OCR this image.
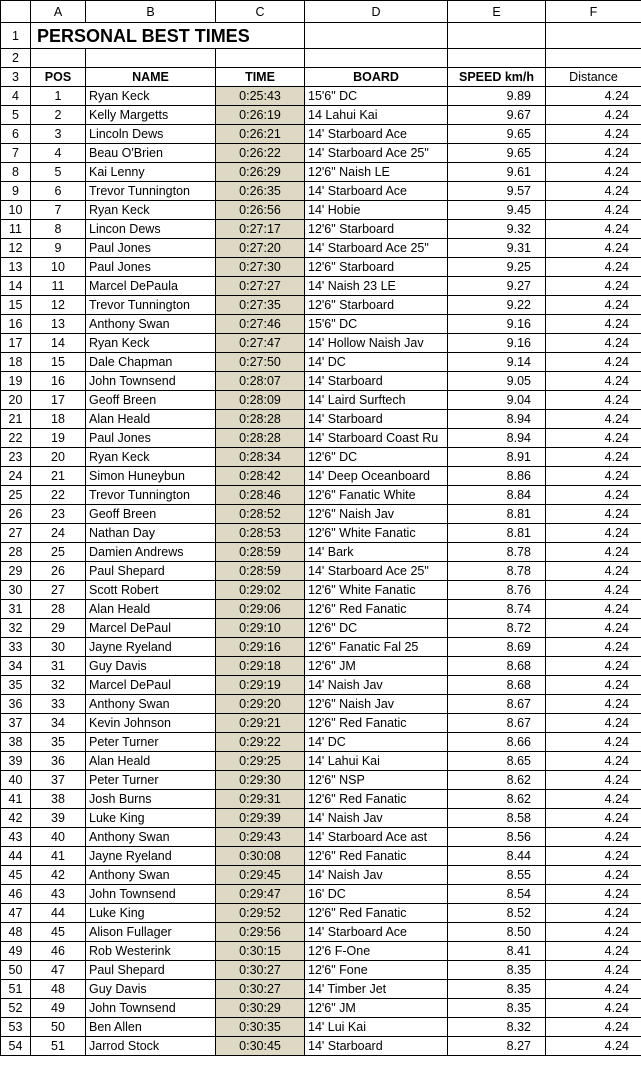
	A	B	C	D	E	F
1	PERSONAL BEST TIMES					
2						
3	POS	NAME	TIME	BOARD	SPEED km/h	Distance
4	1	Ryan Keck	0:25:43	15'6" DC	9.89	4.24
5	2	Kelly Margetts	0:26:19	14 Lahui Kai	9.67	4.24
6	3	Lincoln Dews	0:26:21	14' Starboard Ace	9.65	4.24
7	4	Beau O'Brien	0:26:22	14' Starboard Ace 25"	9.65	4.24
8	5	Kai Lenny	0:26:29	12'6" Naish LE	9.61	4.24
9	6	Trevor Tunnington	0:26:35	14' Starboard Ace	9.57	4.24
10	7	Ryan Keck	0:26:56	14' Hobie	9.45	4.24
11	8	Lincon Dews	0:27:17	12'6" Starboard	9.32	4.24
12	9	Paul Jones	0:27:20	14' Starboard Ace 25"	9.31	4.24
13	10	Paul Jones	0:27:30	12'6" Starboard	9.25	4.24
14	11	Marcel DePaula	0:27:27	14' Naish 23 LE	9.27	4.24
15	12	Trevor Tunnington	0:27:35	12'6" Starboard	9.22	4.24
16	13	Anthony Swan	0:27:46	15'6" DC	9.16	4.24
17	14	Ryan Keck	0:27:47	14' Hollow Naish Jav	9.16	4.24
18	15	Dale Chapman	0:27:50	14' DC	9.14	4.24
19	16	John Townsend	0:28:07	14' Starboard	9.05	4.24
20	17	Geoff Breen	0:28:09	14' Laird Surftech	9.04	4.24
21	18	Alan Heald	0:28:28	14' Starboard	8.94	4.24
22	19	Paul Jones	0:28:28	14' Starboard Coast Ru	8.94	4.24
23	20	Ryan Keck	0:28:34	12'6" DC	8.91	4.24
24	21	Simon Huneybun	0:28:42	14' Deep Oceanboard	8.86	4.24
25	22	Trevor Tunnington	0:28:46	12'6" Fanatic White	8.84	4.24
26	23	Geoff Breen	0:28:52	12'6" Naish Jav	8.81	4.24
27	24	Nathan Day	0:28:53	12'6" White Fanatic	8.81	4.24
28	25	Damien Andrews	0:28:59	14' Bark	8.78	4.24
29	26	Paul Shepard	0:28:59	14' Starboard Ace 25"	8.78	4.24
30	27	Scott Robert	0:29:02	12'6" White Fanatic	8.76	4.24
31	28	Alan Heald	0:29:06	12'6" Red Fanatic	8.74	4.24
32	29	Marcel DePaul	0:29:10	12'6" DC	8.72	4.24
33	30	Jayne Ryeland	0:29:16	12'6" Fanatic Fal 25	8.69	4.24
34	31	Guy Davis	0:29:18	12'6" JM	8.68	4.24
35	32	Marcel DePaul	0:29:19	14' Naish Jav	8.68	4.24
36	33	Anthony Swan	0:29:20	12'6" Naish Jav	8.67	4.24
37	34	Kevin Johnson	0:29:21	12'6" Red Fanatic	8.67	4.24
38	35	Peter Turner	0:29:22	14' DC	8.66	4.24
39	36	Alan Heald	0:29:25	14' Lahui Kai	8.65	4.24
40	37	Peter Turner	0:29:30	12'6" NSP	8.62	4.24
41	38	Josh Burns	0:29:31	12'6" Red Fanatic	8.62	4.24
42	39	Luke King	0:29:39	14' Naish Jav	8.58	4.24
43	40	Anthony Swan	0:29:43	14' Starboard Ace ast	8.56	4.24
44	41	Jayne Ryeland	0:30:08	12'6" Red Fanatic	8.44	4.24
45	42	Anthony Swan	0:29:45	14' Naish Jav	8.55	4.24
46	43	John Townsend	0:29:47	16' DC	8.54	4.24
47	44	Luke King	0:29:52	12'6" Red Fanatic	8.52	4.24
48	45	Alison Fullager	0:29:56	14' Starboard Ace	8.50	4.24
49	46	Rob Westerink	0:30:15	12'6 F-One	8.41	4.24
50	47	Paul Shepard	0:30:27	12'6" Fone	8.35	4.24
51	48	Guy Davis	0:30:27	14' Timber Jet	8.35	4.24
52	49	John Townsend	0:30:29	12'6" JM	8.35	4.24
53	50	Ben Allen	0:30:35	14' Lui Kai	8.32	4.24
54	51	Jarrod Stock	0:30:45	14' Starboard	8.27	4.24
